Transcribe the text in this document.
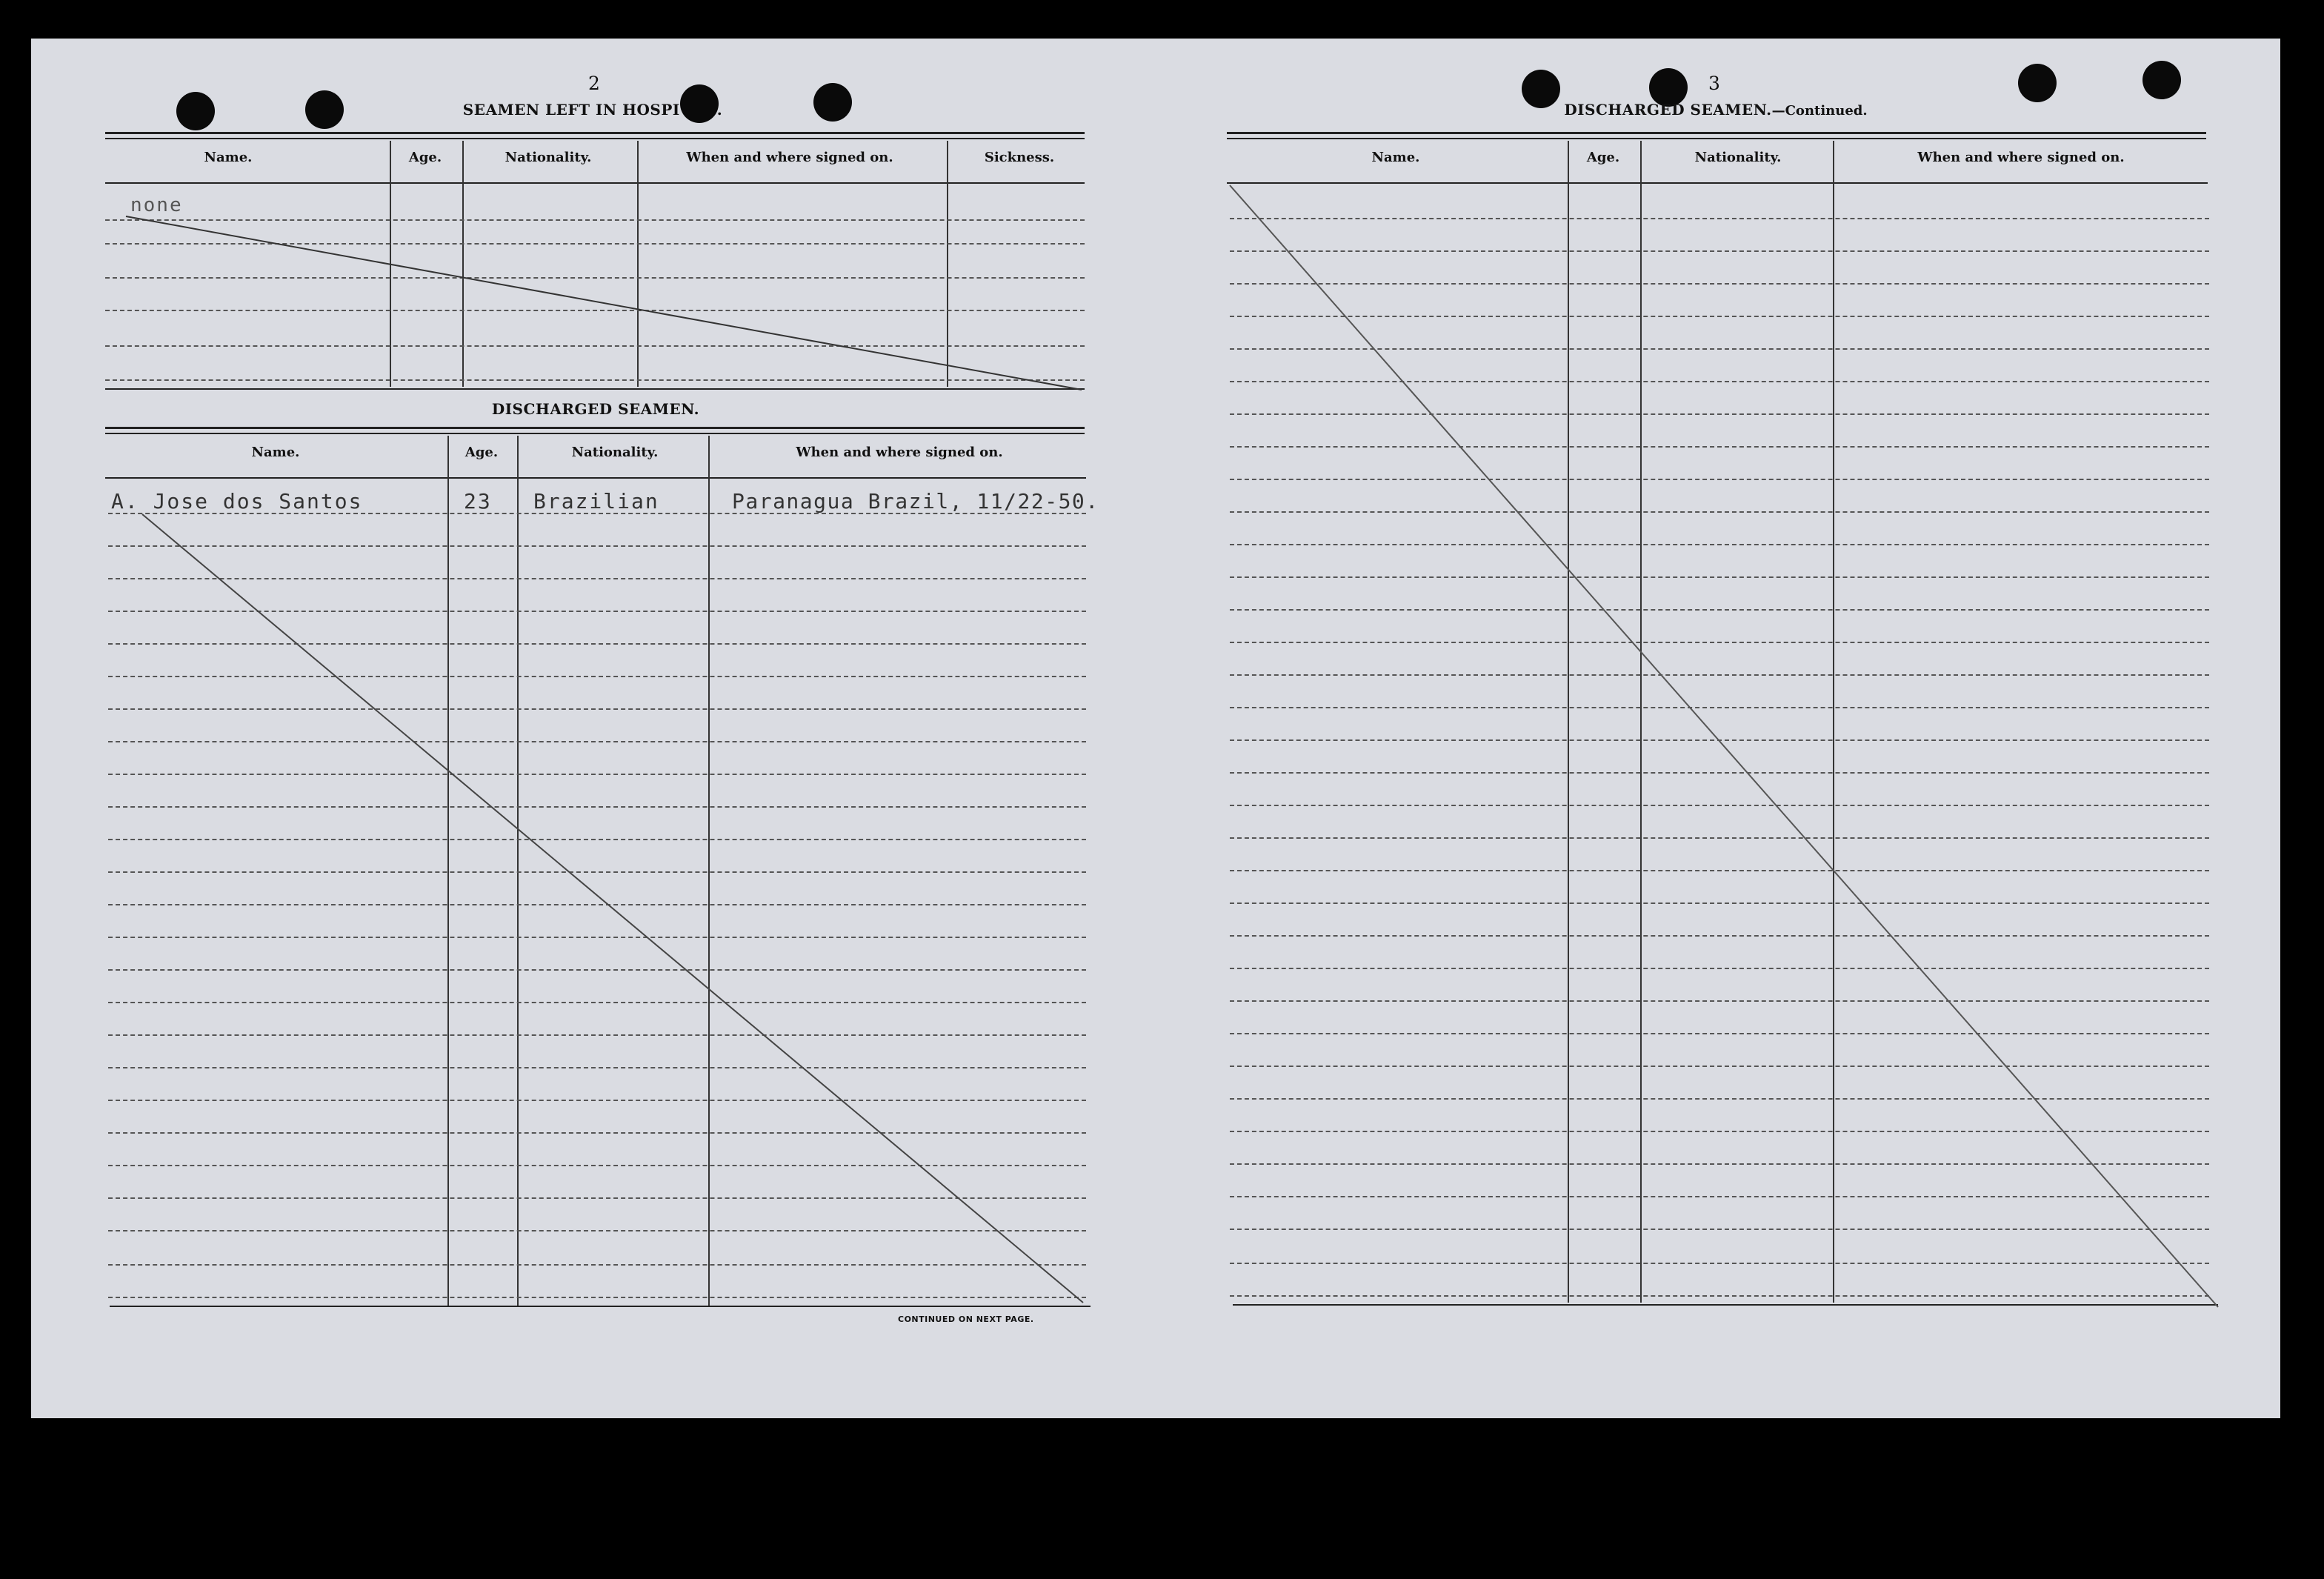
2
SEAMEN LEFT IN HOSPI	.
Name.	Age.	Nationality.	When and where signed on.	Sickness.
none
DISCHARGED SEAMEN.
Name.	Age.	Nationality.	When and where signed on.
A. Jose dos Santos	23 Brazilian	Paranagua Brazil, 11/22-50.
CONTINUED ON NEXT PAGE.
3
DISCHARGED SEAMEN.—Continued.
Name.	Age.	Nationality.	When and where signed on.
